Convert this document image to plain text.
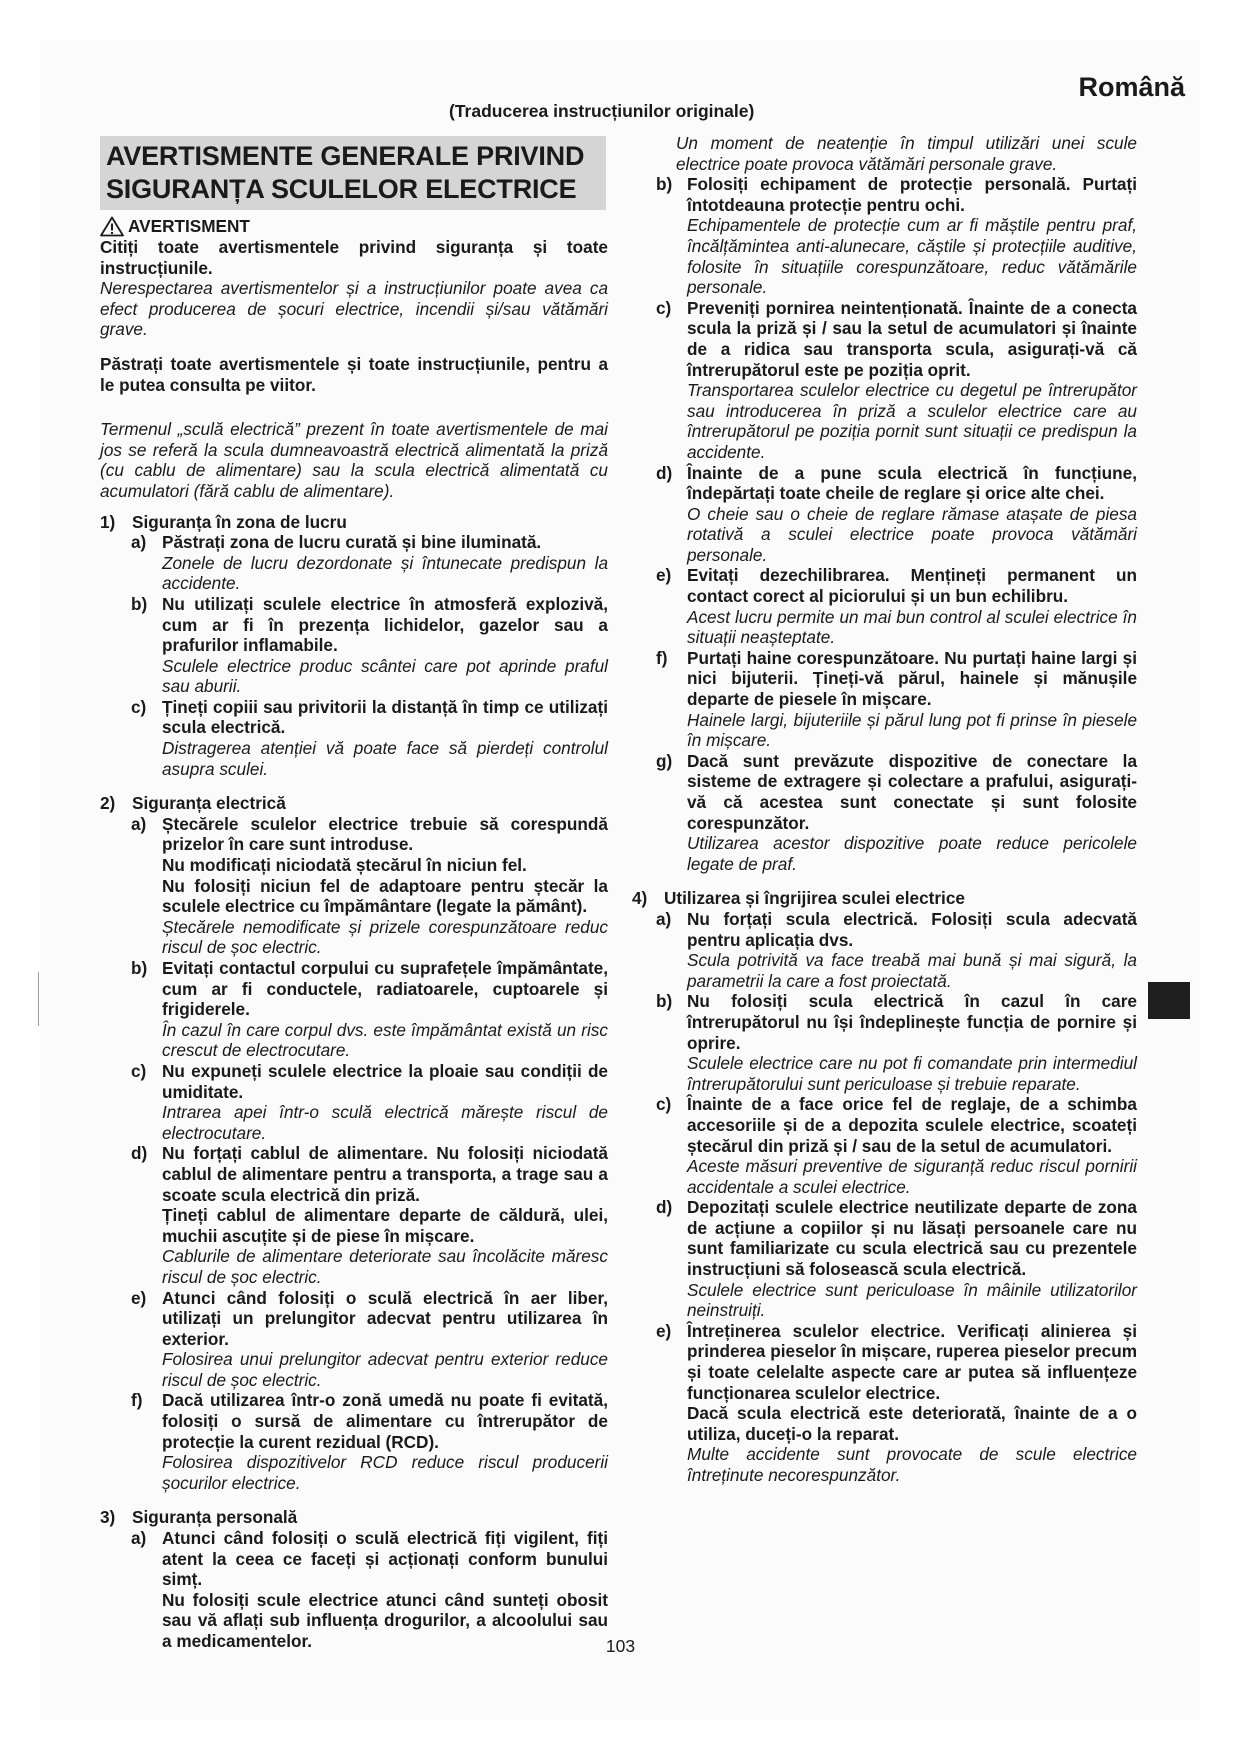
Română
(Traducerea instrucțiunilor originale)
AVERTISMENTE GENERALE PRIVIND
SIGURANȚA SCULELOR ELECTRICE
AVERTISMENT

Citiți toate avertismentele privind siguranța și toate instrucțiunile.

Nerespectarea avertismentelor și a instrucțiunilor poate avea ca efect producerea de șocuri electrice, incendii și/sau vătămări grave.

Păstrați toate avertismentele și toate instrucțiunile, pentru a le putea consulta pe viitor.

Termenul „sculă electrică” prezent în toate avertismentele de mai jos se referă la scula dumneavoastră electrică alimentată la priză (cu cablu de alimentare) sau la scula electrică alimentată cu acumulatori (fără cablu de alimentare).

1) Siguranța în zona de lucru
a) Păstrați zona de lucru curată și bine iluminată.

Zonele de lucru dezordonate și întunecate predispun la accidente.

b) Nu utilizați sculele electrice în atmosferă explozivă, cum ar fi în prezența lichidelor, gazelor sau a prafurilor inflamabile.

Sculele electrice produc scântei care pot aprinde praful sau aburii.

c) Țineți copiii sau privitorii la distanță în timp ce utilizați scula electrică.

Distragerea atenției vă poate face să pierdeți controlul asupra sculei.

2) Siguranța electrică
a) Ștecărele sculelor electrice trebuie să corespundă prizelor în care sunt introduse.

Nu modificați niciodată ștecărul în niciun fel.

Nu folosiți niciun fel de adaptoare pentru ștecăr la sculele electrice cu împământare (legate la pământ).

Ștecărele nemodificate și prizele corespunzătoare reduc riscul de șoc electric.

b) Evitați contactul corpului cu suprafețele împământate, cum ar fi conductele, radiatoarele, cuptoarele și frigiderele.

În cazul în care corpul dvs. este împământat există un risc crescut de electrocutare.

c) Nu expuneți sculele electrice la ploaie sau condiții de umiditate.

Intrarea apei într-o sculă electrică mărește riscul de electrocutare.

d) Nu forțați cablul de alimentare. Nu folosiți niciodată cablul de alimentare pentru a transporta, a trage sau a scoate scula electrică din priză.

Țineți cablul de alimentare departe de căldură, ulei, muchii ascuțite și de piese în mișcare.

Cablurile de alimentare deteriorate sau încolăcite măresc riscul de șoc electric.

e) Atunci când folosiți o sculă electrică în aer liber, utilizați un prelungitor adecvat pentru utilizarea în exterior.

Folosirea unui prelungitor adecvat pentru exterior reduce riscul de șoc electric.

f)	Dacă utilizarea într-o zonă umedă nu poate fi evitată, folosiți o sursă de alimentare cu întrerupător de protecție la curent rezidual (RCD).

Folosirea dispozitivelor RCD reduce riscul producerii șocurilor electrice.

3) Siguranța personală
a) Atunci când folosiți o sculă electrică fiți vigilent, fiți atent la ceea ce faceți și acționați conform bunului simț.

Nu folosiți scule electrice atunci când sunteți obosit sau vă aflați sub influența drogurilor, a alcoolului sau a medicamentelor.

Un moment de neatenție în timpul utilizări unei scule electrice poate provoca vătămări personale grave.

b) Folosiți echipament de protecție personală. Purtați întotdeauna protecție pentru ochi.

Echipamentele de protecție cum ar fi măștile pentru praf, încălțămintea anti-alunecare, căștile și protecțiile auditive, folosite în situațiile corespunzătoare, reduc vătămările personale.

c) Preveniți pornirea neintenționată. Înainte de a conecta scula la priză și / sau la setul de acumulatori și înainte de a ridica sau transporta scula, asigurați-vă că întrerupătorul este pe poziția oprit.

Transportarea sculelor electrice cu degetul pe întrerupător sau introducerea în priză a sculelor electrice care au întrerupătorul pe poziția pornit sunt situații ce predispun la accidente.

d) Înainte de a pune scula electrică în funcțiune, îndepărtați toate cheile de reglare și orice alte chei.

O cheie sau o cheie de reglare rămase atașate de piesa rotativă a sculei electrice poate provoca vătămări personale.

e) Evitați dezechilibrarea. Mențineți permanent un contact corect al piciorului și un bun echilibru.

Acest lucru permite un mai bun control al sculei electrice în situații neașteptate.

f)	Purtați haine corespunzătoare. Nu purtați haine largi și nici bijuterii. Țineți-vă părul, hainele și mănușile departe de piesele în mișcare.

Hainele largi, bijuteriile și părul lung pot fi prinse în piesele în mișcare.

g) Dacă sunt prevăzute dispozitive de conectare la sisteme de extragere și colectare a prafului, asigurați-vă că acestea sunt conectate și sunt folosite corespunzător.

Utilizarea acestor dispozitive poate reduce pericolele legate de praf.

4) Utilizarea și îngrijirea sculei electrice
a) Nu forțați scula electrică. Folosiți scula adecvată pentru aplicația dvs.

Scula potrivită va face treabă mai bună și mai sigură, la parametrii la care a fost proiectată.

b) Nu folosiți scula electrică în cazul în care întrerupătorul nu își îndeplinește funcția de pornire și oprire.

Sculele electrice care nu pot fi comandate prin intermediul întrerupătorului sunt periculoase și trebuie reparate.

c) Înainte de a face orice fel de reglaje, de a schimba accesoriile și de a depozita sculele electrice, scoateți ștecărul din priză și / sau de la setul de acumulatori.

Aceste măsuri preventive de siguranță reduc riscul pornirii accidentale a sculei electrice.

d) Depozitați sculele electrice neutilizate departe de zona de acțiune a copiilor și nu lăsați persoanele care nu sunt familiarizate cu scula electrică sau cu prezentele instrucțiuni să folosească scula electrică.

Sculele electrice sunt periculoase în mâinile utilizatorilor neinstruiți.

e) Întreținerea sculelor electrice. Verificați alinierea și prinderea pieselor în mișcare, ruperea pieselor precum și toate celelalte aspecte care ar putea să influențeze funcționarea sculelor electrice.

Dacă scula electrică este deteriorată, înainte de a o utiliza, duceți-o la reparat.

Multe accidente sunt provocate de scule electrice întreținute necorespunzător.

103
